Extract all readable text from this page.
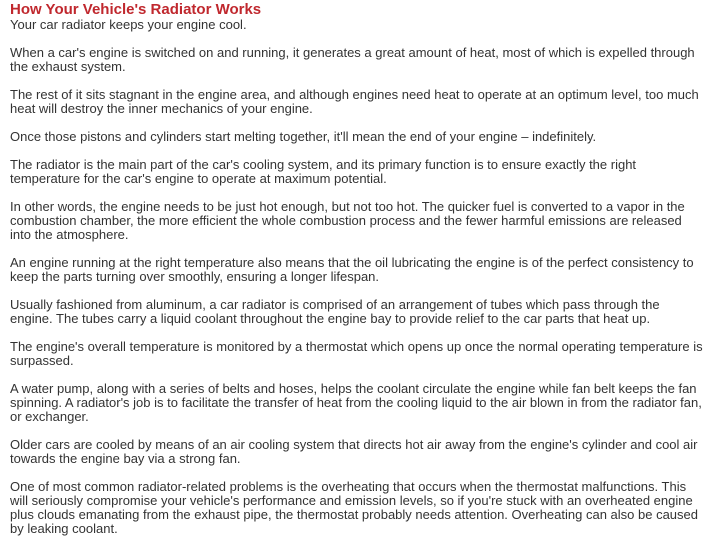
How Your Vehicle's Radiator Works
Your car radiator keeps your engine cool.

When a car's engine is switched on and running, it generates a great amount of heat, most of which is expelled through the exhaust system.

The rest of it sits stagnant in the engine area, and although engines need heat to operate at an optimum level, too much heat will destroy the inner mechanics of your engine.

Once those pistons and cylinders start melting together, it'll mean the end of your engine – indefinitely.

The radiator is the main part of the car's cooling system, and its primary function is to ensure exactly the right temperature for the car's engine to operate at maximum potential.

In other words, the engine needs to be just hot enough, but not too hot. The quicker fuel is converted to a vapor in the combustion chamber, the more efficient the whole combustion process and the fewer harmful emissions are released into the atmosphere.

An engine running at the right temperature also means that the oil lubricating the engine is of the perfect consistency to keep the parts turning over smoothly, ensuring a longer lifespan.

Usually fashioned from aluminum, a car radiator is comprised of an arrangement of tubes which pass through the engine. The tubes carry a liquid coolant throughout the engine bay to provide relief to the car parts that heat up.

The engine's overall temperature is monitored by a thermostat which opens up once the normal operating temperature is surpassed.

A water pump, along with a series of belts and hoses, helps the coolant circulate the engine while fan belt keeps the fan spinning. A radiator's job is to facilitate the transfer of heat from the cooling liquid to the air blown in from the radiator fan, or exchanger.

Older cars are cooled by means of an air cooling system that directs hot air away from the engine's cylinder and cool air towards the engine bay via a strong fan.

One of most common radiator-related problems is the overheating that occurs when the thermostat malfunctions. This will seriously compromise your vehicle's performance and emission levels, so if you're stuck with an overheated engine plus clouds emanating from the exhaust pipe, the thermostat probably needs attention. Overheating can also be caused by leaking coolant.
